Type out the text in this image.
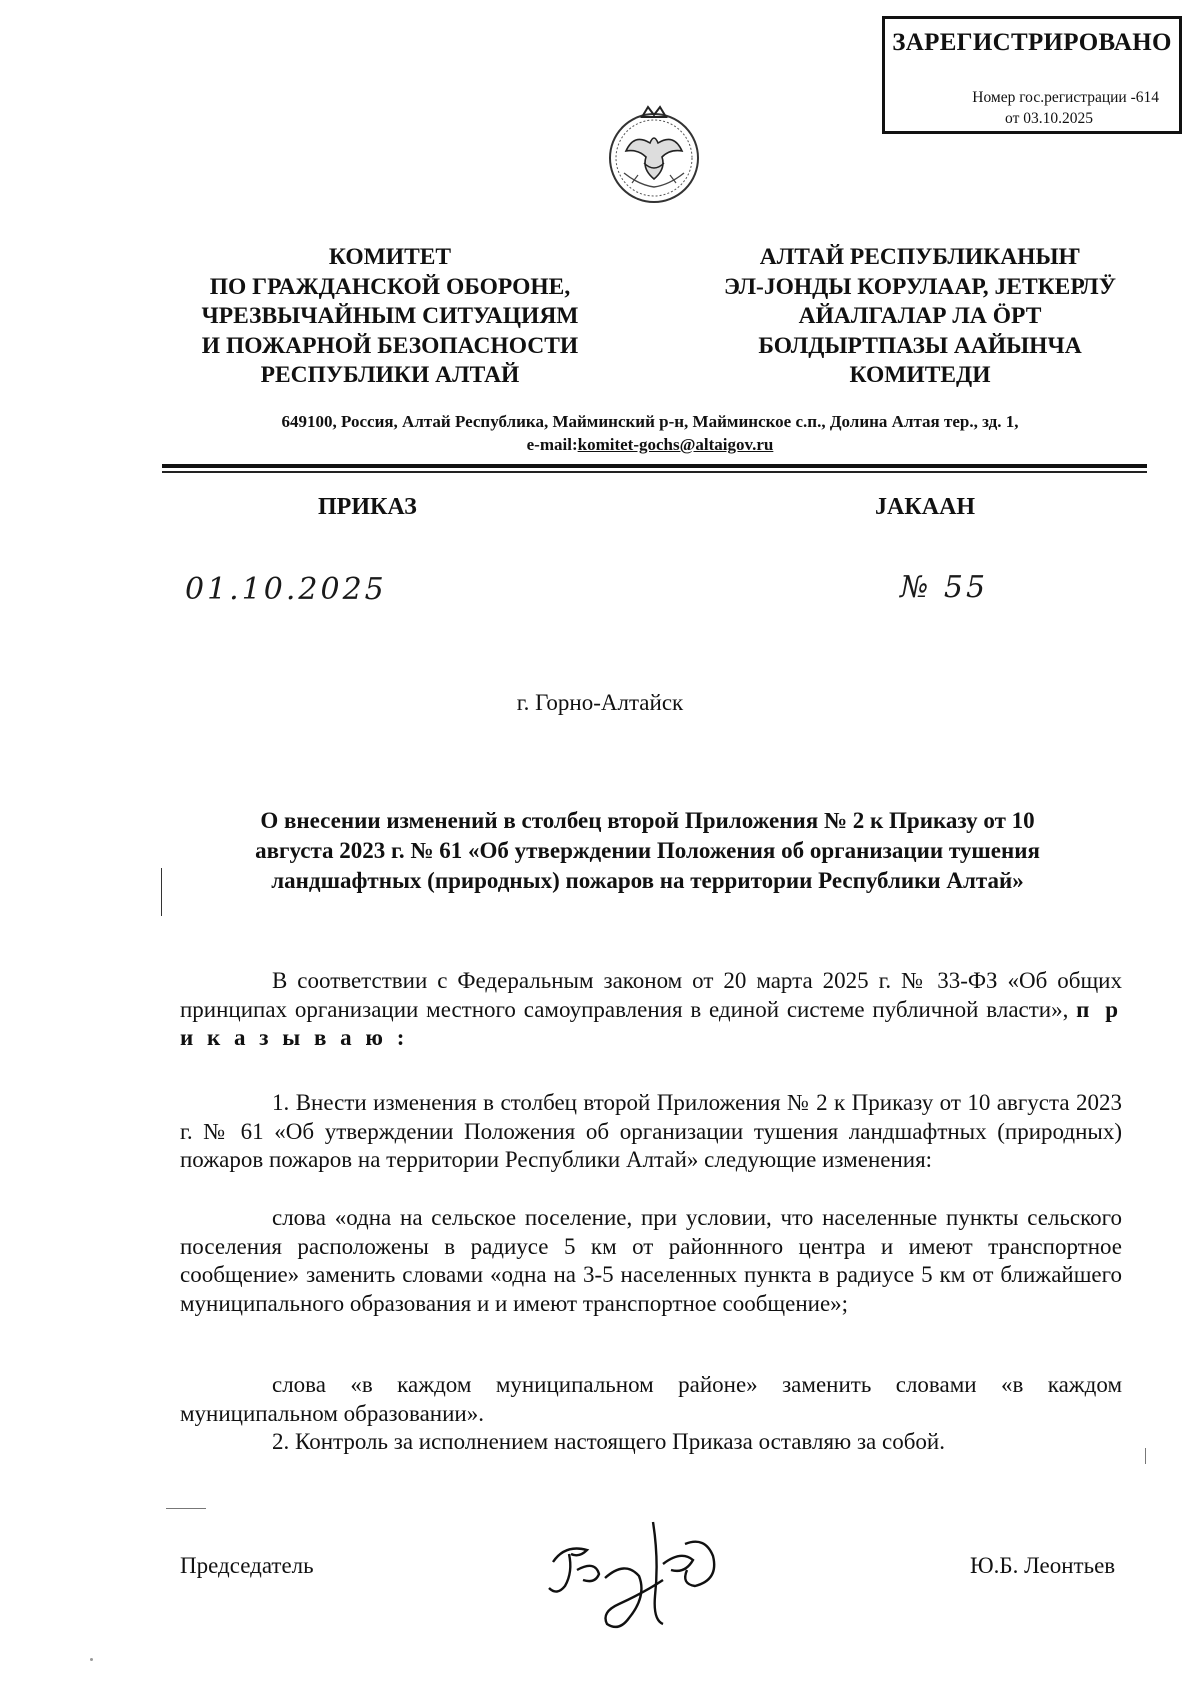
ЗАРЕГИСТРИРОВАНО
Номер гос.регистрации -614
от 03.10.2025
КОМИТЕТ
ПО ГРАЖДАНСКОЙ ОБОРОНЕ,
ЧРЕЗВЫЧАЙНЫМ СИТУАЦИЯМ
И ПОЖАРНОЙ БЕЗОПАСНОСТИ
РЕСПУБЛИКИ АЛТАЙ
АЛТАЙ РЕСПУБЛИКАНЫҤ
ЭЛ-JОНДЫ КОРУЛААР, JЕТКЕРЛӰ
АЙАЛГАЛАР ЛА ÖРТ
БОЛДЫРТПАЗЫ ААЙЫНЧА
КОМИТЕДИ
649100, Россия, Алтай Республика, Майминский р-н, Майминское с.п., Долина Алтая тер., зд. 1,
e-mail:komitet-gochs@altaigov.ru
ПРИКАЗ	JАКААН
01.10.2025	№ 55
г. Горно-Алтайск
О внесении изменений в столбец второй Приложения № 2 к Приказу от 10
августа 2023 г. № 61 «Об утверждении Положения об организации тушения
ландшафтных (природных) пожаров на территории Республики Алтай»
В соответствии с Федеральным законом от 20 марта 2025 г. № 33-ФЗ «Об общих принципах организации местного самоуправления в единой системе публичной власти», п р и к а з ы в а ю :
1. Внести изменения в столбец второй Приложения № 2 к Приказу от 10 августа 2023 г. № 61 «Об утверждении Положения об организации тушения ландшафтных (природных) пожаров пожаров на территории Республики Алтай» следующие изменения:
слова «одна на сельское поселение, при условии, что населенные пункты сельского поселения расположены в радиусе 5 км от районнного центра и имеют транспортное сообщение» заменить словами «одна на 3-5 населенных пункта в радиусе 5 км от ближайшего муниципального образования и и имеют транспортное сообщение»;
слова «в каждом муниципальном районе» заменить словами «в каждом муниципальном образовании».
2. Контроль за исполнением настоящего Приказа оставляю за собой.
Председатель	Ю.Б. Леонтьев
